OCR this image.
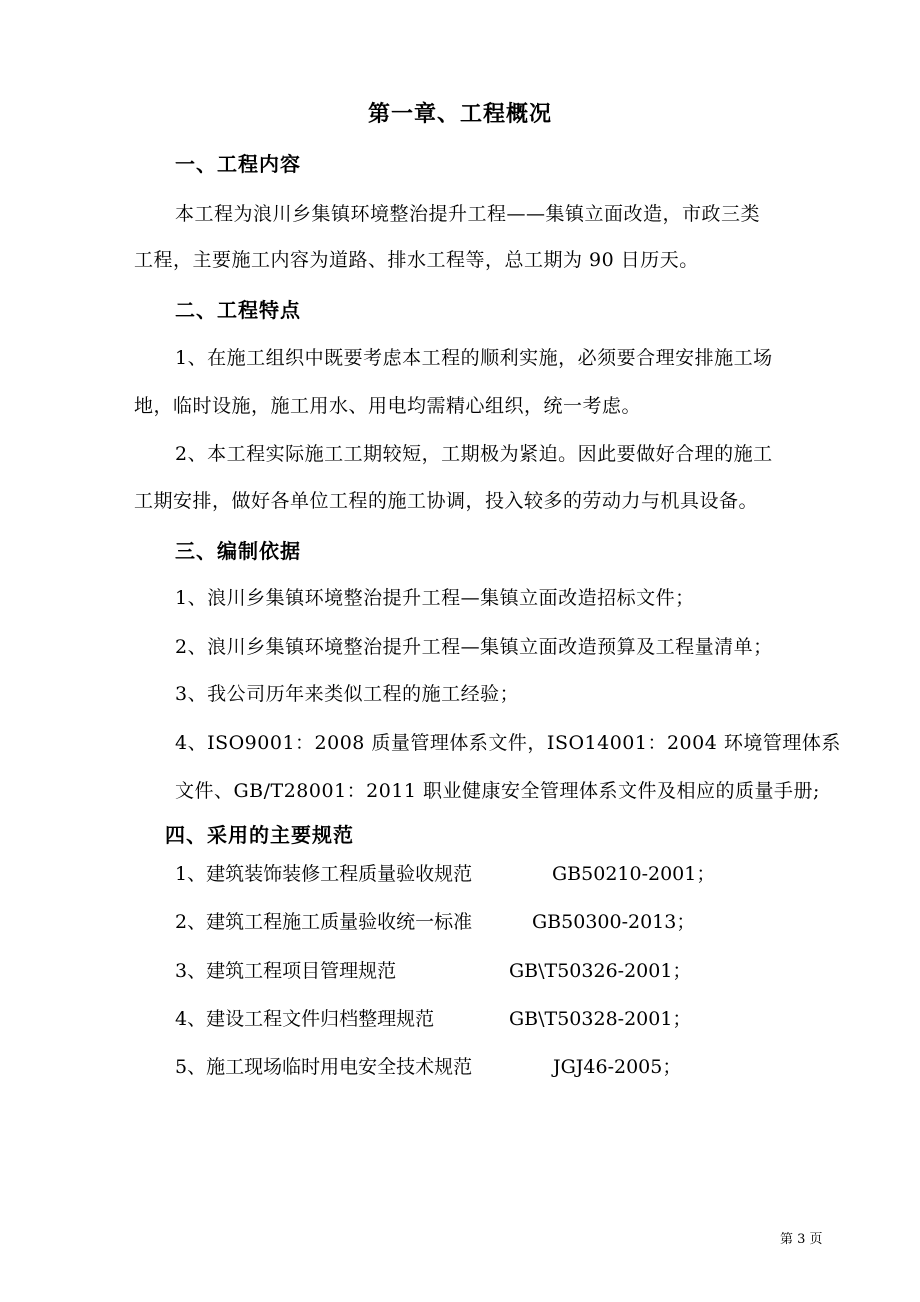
第一章、工程概况
一、工程内容
本工程为浪川乡集镇环境整治提升工程——集镇立面改造，市政三类
工程，主要施工内容为道路、排水工程等，总工期为 90 日历天。
二、工程特点
1、在施工组织中既要考虑本工程的顺利实施，必须要合理安排施工场
地，临时设施，施工用水、用电均需精心组织，统一考虑。
2、本工程实际施工工期较短，工期极为紧迫。因此要做好合理的施工
工期安排，做好各单位工程的施工协调，投入较多的劳动力与机具设备。
三、编制依据
1、浪川乡集镇环境整治提升工程—集镇立面改造招标文件；
2、浪川乡集镇环境整治提升工程—集镇立面改造预算及工程量清单；
3、我公司历年来类似工程的施工经验；
4、ISO9001：2008 质量管理体系文件，ISO14001：2004 环境管理体系
文件、GB/T28001：2011 职业健康安全管理体系文件及相应的质量手册;
四、采用的主要规范
1、建筑装饰装修工程质量验收规范	GB50210-2001；
2、建筑工程施工质量验收统一标准	GB50300-2013；
3、建筑工程项目管理规范	GB\T50326-2001；
4、建设工程文件归档整理规范	GB\T50328-2001；
5、施工现场临时用电安全技术规范	JGJ46-2005；
第 3 页
